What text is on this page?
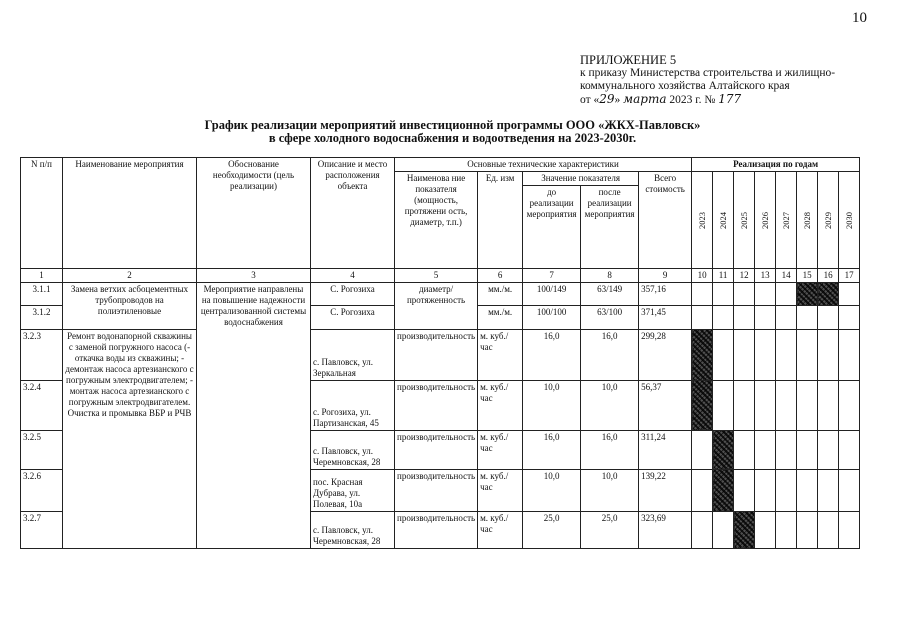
10
ПРИЛОЖЕНИЕ 5
к приказу Министерства строительства и жилищно-
коммунального хозяйства Алтайского края
от «29» марта 2023 г. № 177
График реализации мероприятий инвестиционной программы ООО «ЖКХ-Павловск»
в сфере холодного водоснабжения и водоотведения на 2023-2030г.
N п/п	Наименование мероприятия	Обоснование необходимости (цель реализации)	Описание и место расположения объекта	Основные технические характеристики					Реализация по годам							
				Наименова ние показателя (мощность, протяжени ость, диаметр, т.п.)	Ед. изм	Значение показателя		Всего стоимость	2023	2024	2025	2026	2027	2028	2029	2030

						до реализации мероприятия	после реализации мероприятия									
1	2	3	4	5	6	7	8	9	10	11	12	13	14	15	16	17
3.1.1	Замена ветхих асбоцементных трубопроводов на полиэтиленовые	Мероприятие направлены на повышение надежности централизованной системы водоснабжения	С. Рогозиха	диаметр/протяженность	мм./м.	100/149	63/149	357,16								
3.1.2			С. Рогозиха		мм./м.	100/100	63/100	371,45								
3.2.3	Ремонт водонапорной скважины с заменой погружного насоса (- откачка воды из скважины; - демонтаж насоса артезианского с погружным электродвигателем; - монтаж насоса артезианского с погружным электродвигателем. Очистка и промывка ВБР и РЧВ		с. Павловск, ул. Зеркальная	производительность	м. куб./час	16,0	16,0	299,28								
3.2.4			с. Рогозиха, ул. Партизанская, 45	производительность	м. куб./час	10,0	10,0	56,37								
3.2.5			с. Павловск, ул. Черемновская, 28	производительность	м. куб./час	16,0	16,0	311,24								
3.2.6			пос. Красная Дубрава, ул. Полевая, 10а	производительность	м. куб./час	10,0	10,0	139,22								
3.2.7			с. Павловск, ул. Черемновская, 28	производительность	м. куб./час	25,0	25,0	323,69								
